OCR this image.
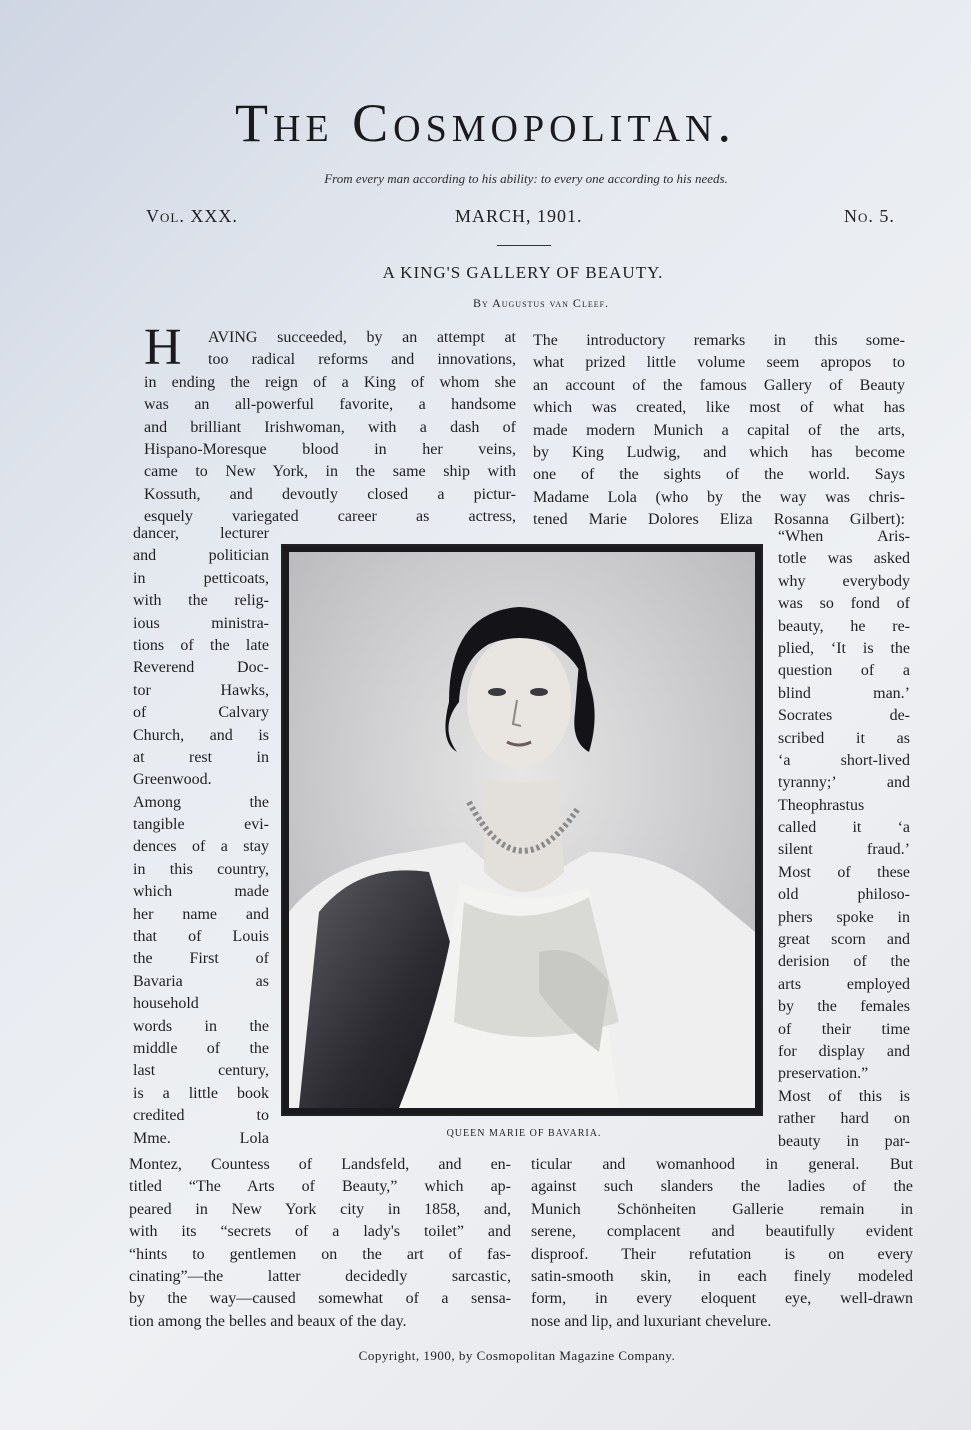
The Cosmopolitan.
From every man according to his ability: to every one according to his needs.
Vol. XXX.	MARCH, 1901.	No. 5.
A KING'S GALLERY OF BEAUTY.
By Augustus van Cleef.
H	AVING succeeded, by an attempt at
too radical reforms and innovations,
in ending the reign of a King of whom she
was an all-powerful favorite, a handsome
and brilliant Irishwoman, with a dash of
Hispano-Moresque blood in her veins,
came to New York, in the same ship with
Kossuth, and devoutly closed a pictur-
esquely variegated career as actress,
dancer, lecturer
and politician
in petticoats,
with the relig-
ious ministra-
tions of the late
Reverend Doc-
tor Hawks,
of Calvary
Church, and is
at rest in
Greenwood.
Among the
tangible evi-
dences of a stay
in this country,
which made
her name and
that of Louis
the First of
Bavaria as
household
words in the
middle of the
last century,
is a little book
credited to
Mme. Lola
Montez, Countess of Landsfeld, and en-
titled “The Arts of Beauty,” which ap-
peared in New York city in 1858, and,
with its “secrets of a lady's toilet” and
“hints to gentlemen on the art of fas-
cinating”—the latter decidedly sarcastic,
by the way—caused somewhat of a sensa-
tion among the belles and beaux of the day.
The introductory remarks in this some-
what prized little volume seem apropos to
an account of the famous Gallery of Beauty
which was created, like most of what has
made modern Munich a capital of the arts,
by King Ludwig, and which has become
one of the sights of the world. Says
Madame Lola (who by the way was chris-
tened Marie Dolores Eliza Rosanna Gilbert):
“When Aris-
totle was asked
why everybody
was so fond of
beauty, he re-
plied, ‘It is the
question of a
blind man.’
Socrates de-
scribed it as
‘a short-lived
tyranny;’ and
Theophrastus
called it ‘a
silent fraud.’
Most of these
old philoso-
phers spoke in
great scorn and
derision of the
arts employed
by the females
of their time
for display and
preservation.”
Most of this is
rather hard on
beauty in par-
ticular and womanhood in general. But
against such slanders the ladies of the
Munich Schönheiten Gallerie remain in
serene, complacent and beautifully evident
disproof. Their refutation is on every
satin-smooth skin, in each finely modeled
form, in every eloquent eye, well-drawn
nose and lip, and luxuriant chevelure.
QUEEN MARIE OF BAVARIA.
Copyright, 1900, by Cosmopolitan Magazine Company.
